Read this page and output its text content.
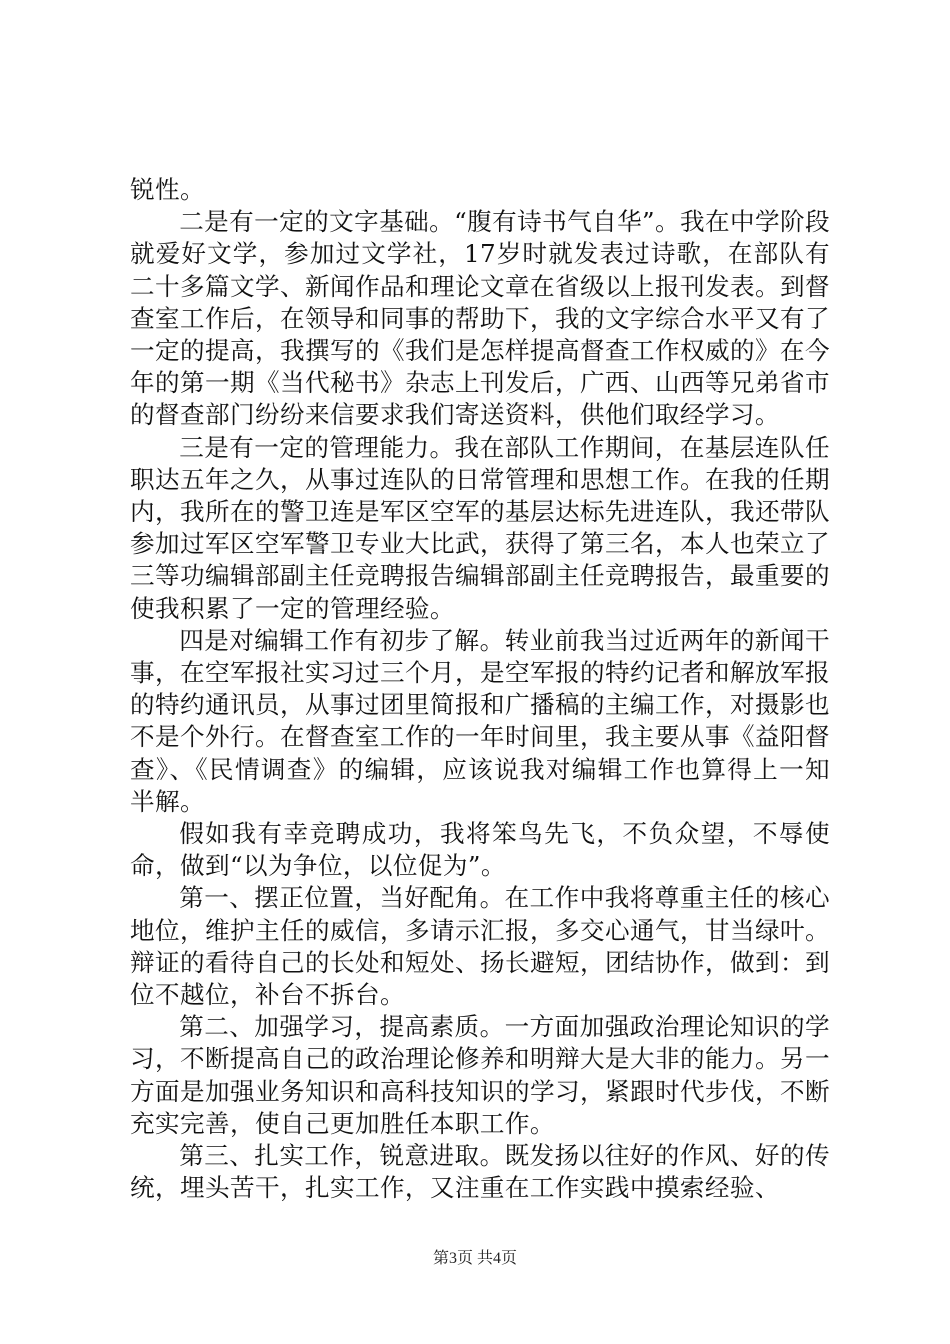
锐性。

二是有一定的文字基础。“腹有诗书气自华”。我在中学阶段就爱好文学，参加过文学社，17岁时就发表过诗歌，在部队有二十多篇文学、新闻作品和理论文章在省级以上报刊发表。到督查室工作后，在领导和同事的帮助下，我的文字综合水平又有了一定的提高，我撰写的《我们是怎样提高督查工作权威的》在今年的第一期《当代秘书》杂志上刊发后，广西、山西等兄弟省市的督查部门纷纷来信要求我们寄送资料，供他们取经学习。

三是有一定的管理能力。我在部队工作期间，在基层连队任职达五年之久，从事过连队的日常管理和思想工作。在我的任期内，我所在的警卫连是军区空军的基层达标先进连队，我还带队参加过军区空军警卫专业大比武，获得了第三名，本人也荣立了三等功编辑部副主任竞聘报告编辑部副主任竞聘报告，最重要的使我积累了一定的管理经验。

四是对编辑工作有初步了解。转业前我当过近两年的新闻干事，在空军报社实习过三个月，是空军报的特约记者和解放军报的特约通讯员，从事过团里简报和广播稿的主编工作，对摄影也不是个外行。在督查室工作的一年时间里，我主要从事《益阳督查》、《民情调查》的编辑，应该说我对编辑工作也算得上一知半解。

假如我有幸竞聘成功，我将笨鸟先飞，不负众望，不辱使命，做到“以为争位，以位促为”。

第一、摆正位置，当好配角。在工作中我将尊重主任的核心地位，维护主任的威信，多请示汇报，多交心通气，甘当绿叶。辩证的看待自己的长处和短处、扬长避短，团结协作，做到：到位不越位，补台不拆台。

第二、加强学习，提高素质。一方面加强政治理论知识的学习，不断提高自己的政治理论修养和明辩大是大非的能力。另一方面是加强业务知识和高科技知识的学习，紧跟时代步伐，不断充实完善，使自己更加胜任本职工作。

第三、扎实工作，锐意进取。既发扬以往好的作风、好的传统，埋头苦干，扎实工作，又注重在工作实践中摸索经验、

第3页 共4页
